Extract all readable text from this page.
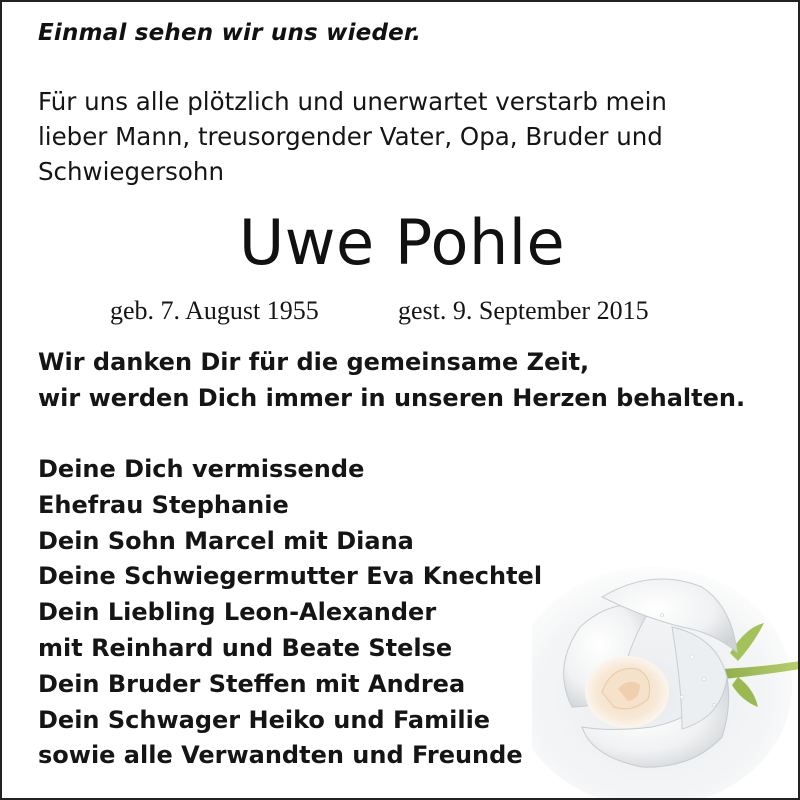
Einmal sehen wir uns wieder.
Für uns alle plötzlich und unerwartet verstarb mein
lieber Mann, treusorgender Vater, Opa, Bruder und
Schwiegersohn
Uwe Pohle
geb. 7. August 1955	gest. 9. September 2015
Wir danken Dir für die gemeinsame Zeit,
wir werden Dich immer in unseren Herzen behalten.
Deine Dich vermissende
Ehefrau Stephanie
Dein Sohn Marcel mit Diana
Deine Schwiegermutter Eva Knechtel
Dein Liebling Leon-Alexander
mit Reinhard und Beate Stelse
Dein Bruder Steffen mit Andrea
Dein Schwager Heiko und Familie
sowie alle Verwandten und Freunde
